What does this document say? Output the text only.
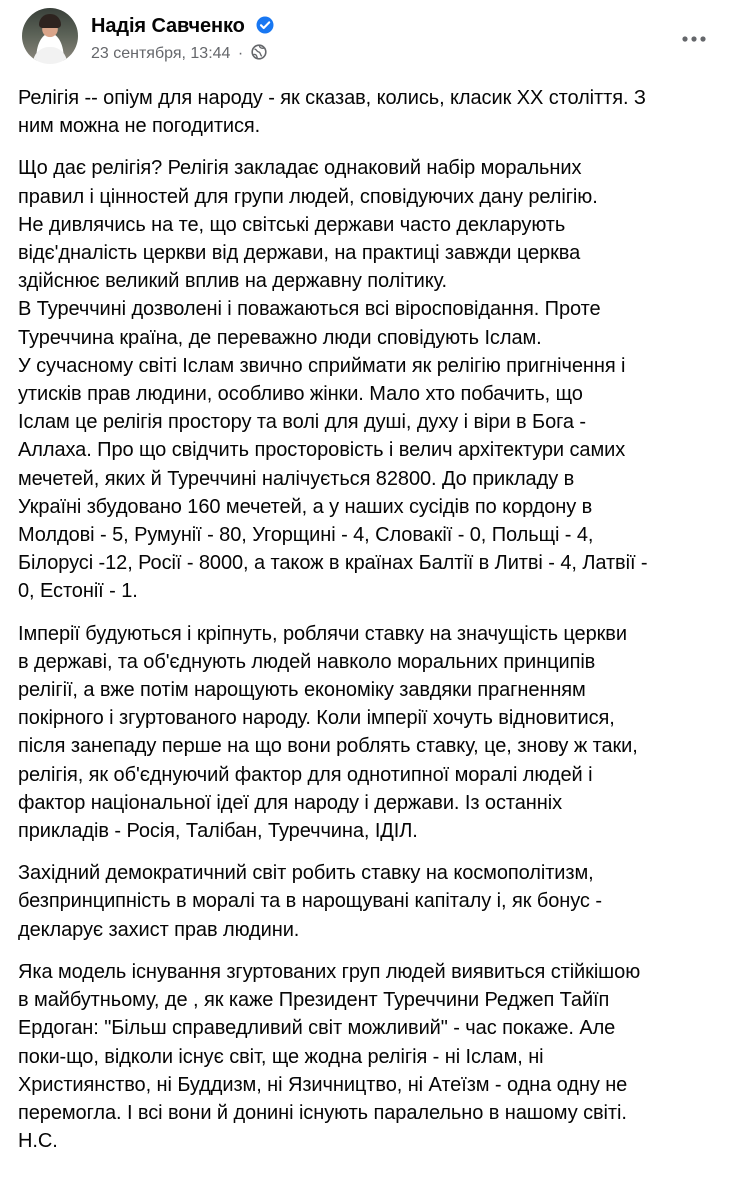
Надія Савченко
23 сентября, 13:44 ·

Релігія -- опіум для народу - як сказав, колись, класик XX століття. З
ним можна не погодитися.

Що дає релігія? Релігія закладає однаковий набір моральних
правил і цінностей для групи людей, сповідуючих дану релігію.
Не дивлячись на те, що світські держави часто декларують
відє'дналість церкви від держави, на практиці завжди церква
здійснює великий вплив на державну політику.
В Туреччині дозволені і поважаються всі віросповідання. Проте
Туреччина країна, де переважно люди сповідують Іслам.
У сучасному світі Іслам звично сприймати як релігію пригнічення і
утисків прав людини, особливо жінки. Мало хто побачить, що
Іслам це релігія простору та волі для душі, духу і віри в Бога -
Аллаха. Про що свідчить просторовість і велич архітектури самих
мечетей, яких й Туреччині налічується 82800. До прикладу в
Україні збудовано 160 мечетей, а у наших сусідів по кордону в
Молдові - 5, Румунії - 80, Угорщині - 4, Словакії - 0, Польщі - 4,
Білорусі -12, Росії - 8000, а також в країнах Балтії в Литві - 4, Латвії -
0, Естонії - 1.

Імперії будуються і кріпнуть, роблячи ставку на значущість церкви
в державі, та об'єднують людей навколо моральних принципів
релігії, а вже потім нарощують економіку завдяки прагненням
покірного і згуртованого народу. Коли імперії хочуть відновитися,
після занепаду перше на що вони роблять ставку, це, знову ж таки,
релігія, як об'єднуючий фактор для однотипної моралі людей і
фактор національної ідеї для народу і держави. Із останніх
прикладів - Росія, Талібан, Туреччина, ІДІЛ.

Західний демократичний світ робить ставку на космополітизм,
безпринципність в моралі та в нарощувані капіталу і, як бонус -
декларує захист прав людини.

Яка модель існування згуртованих груп людей виявиться стійкішою
в майбутньому, де , як каже Президент Туреччини Реджеп Тайїп
Ердоган: "Більш справедливий світ можливий" - час покаже. Але
поки-що, відколи існує світ, ще жодна релігія - ні Іслам, ні
Християнство, ні Буддизм, ні Язичництво, ні Атеїзм - одна одну не
перемогла. І всі вони й донині існують паралельно в нашому світі.
Н.С.
